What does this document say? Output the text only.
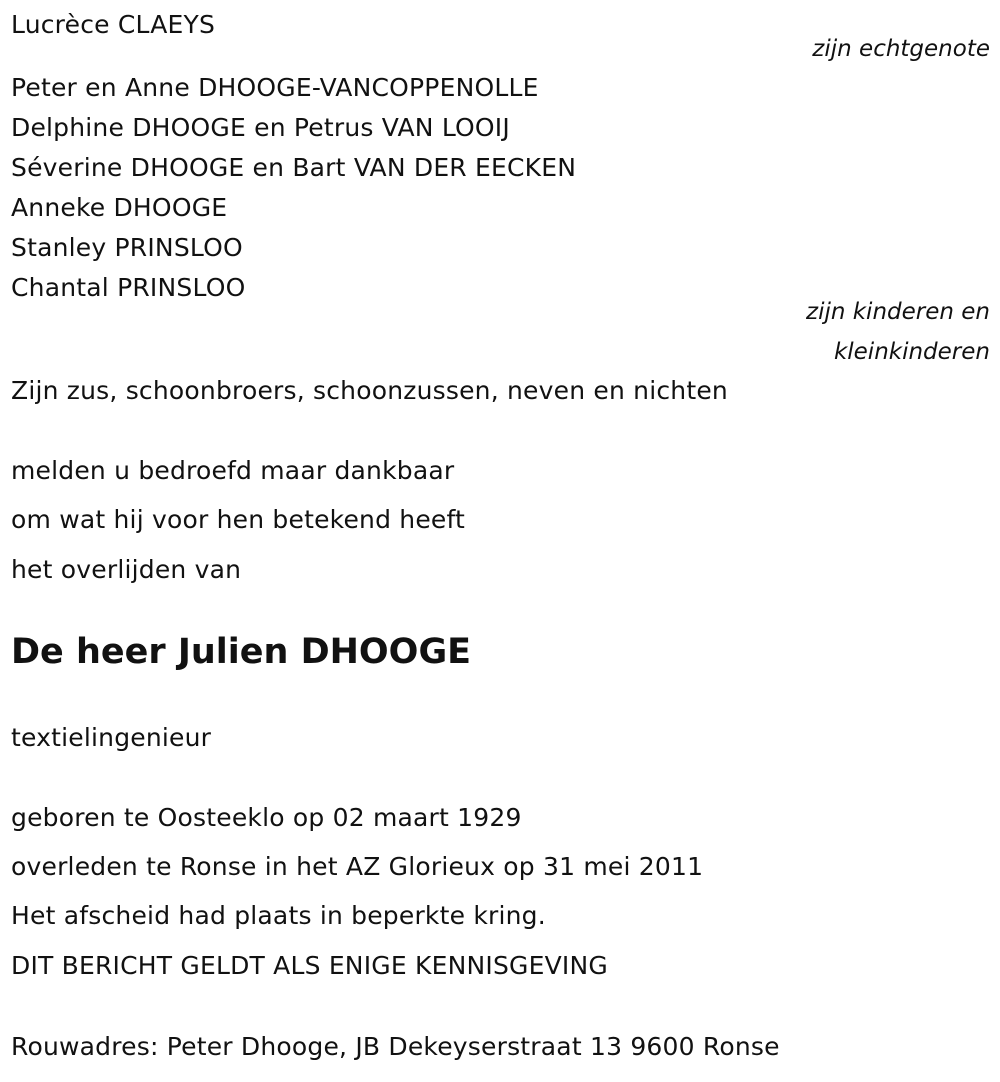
Lucrèce CLAEYS
zijn echtgenote
Peter en Anne DHOOGE-VANCOPPENOLLE
Delphine DHOOGE en Petrus VAN LOOIJ
Séverine DHOOGE en Bart VAN DER EECKEN
Anneke DHOOGE
Stanley PRINSLOO
Chantal PRINSLOO
zijn kinderen en
kleinkinderen
Zijn zus, schoonbroers, schoonzussen, neven en nichten
melden u bedroefd maar dankbaar
om wat hij voor hen betekend heeft
het overlijden van
De heer Julien DHOOGE
textielingenieur
geboren te Oosteeklo op 02 maart 1929
overleden te Ronse in het AZ Glorieux op 31 mei 2011
Het afscheid had plaats in beperkte kring.
DIT BERICHT GELDT ALS ENIGE KENNISGEVING
Rouwadres: Peter Dhooge, JB Dekeyserstraat 13 9600 Ronse
